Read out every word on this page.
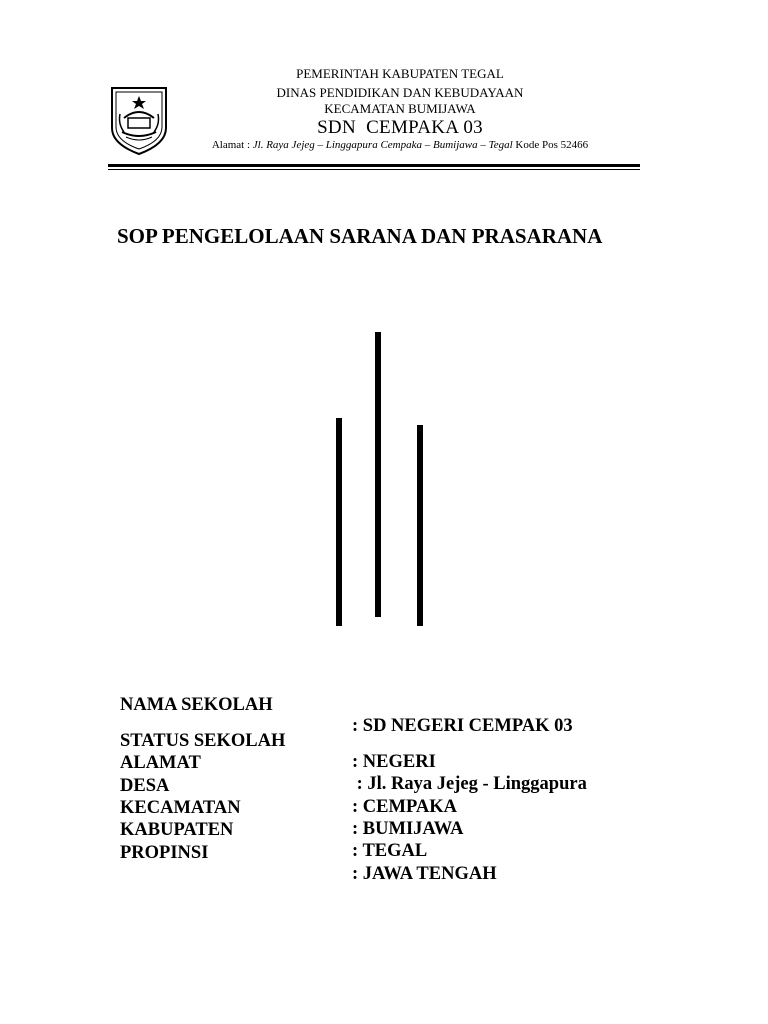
PEMERINTAH KABUPATEN TEGAL
DINAS PENDIDIKAN DAN KEBUDAYAAN
KECAMATAN BUMIJAWA
SDN  CEMPAKA 03
Alamat : Jl. Raya Jejeg – Linggapura Cempaka – Bumijawa – Tegal Kode Pos 52466
SOP PENGELOLAAN SARANA DAN PRASARANA

NAMA SEKOLAH

: SD NEGERI CEMPAK 03

STATUS SEKOLAH

: NEGERI

ALAMAT

: Jl. Raya Jejeg - Linggapura

DESA

: CEMPAKA

KECAMATAN

: BUMIJAWA

KABUPATEN

: TEGAL

PROPINSI

: JAWA TENGAH
